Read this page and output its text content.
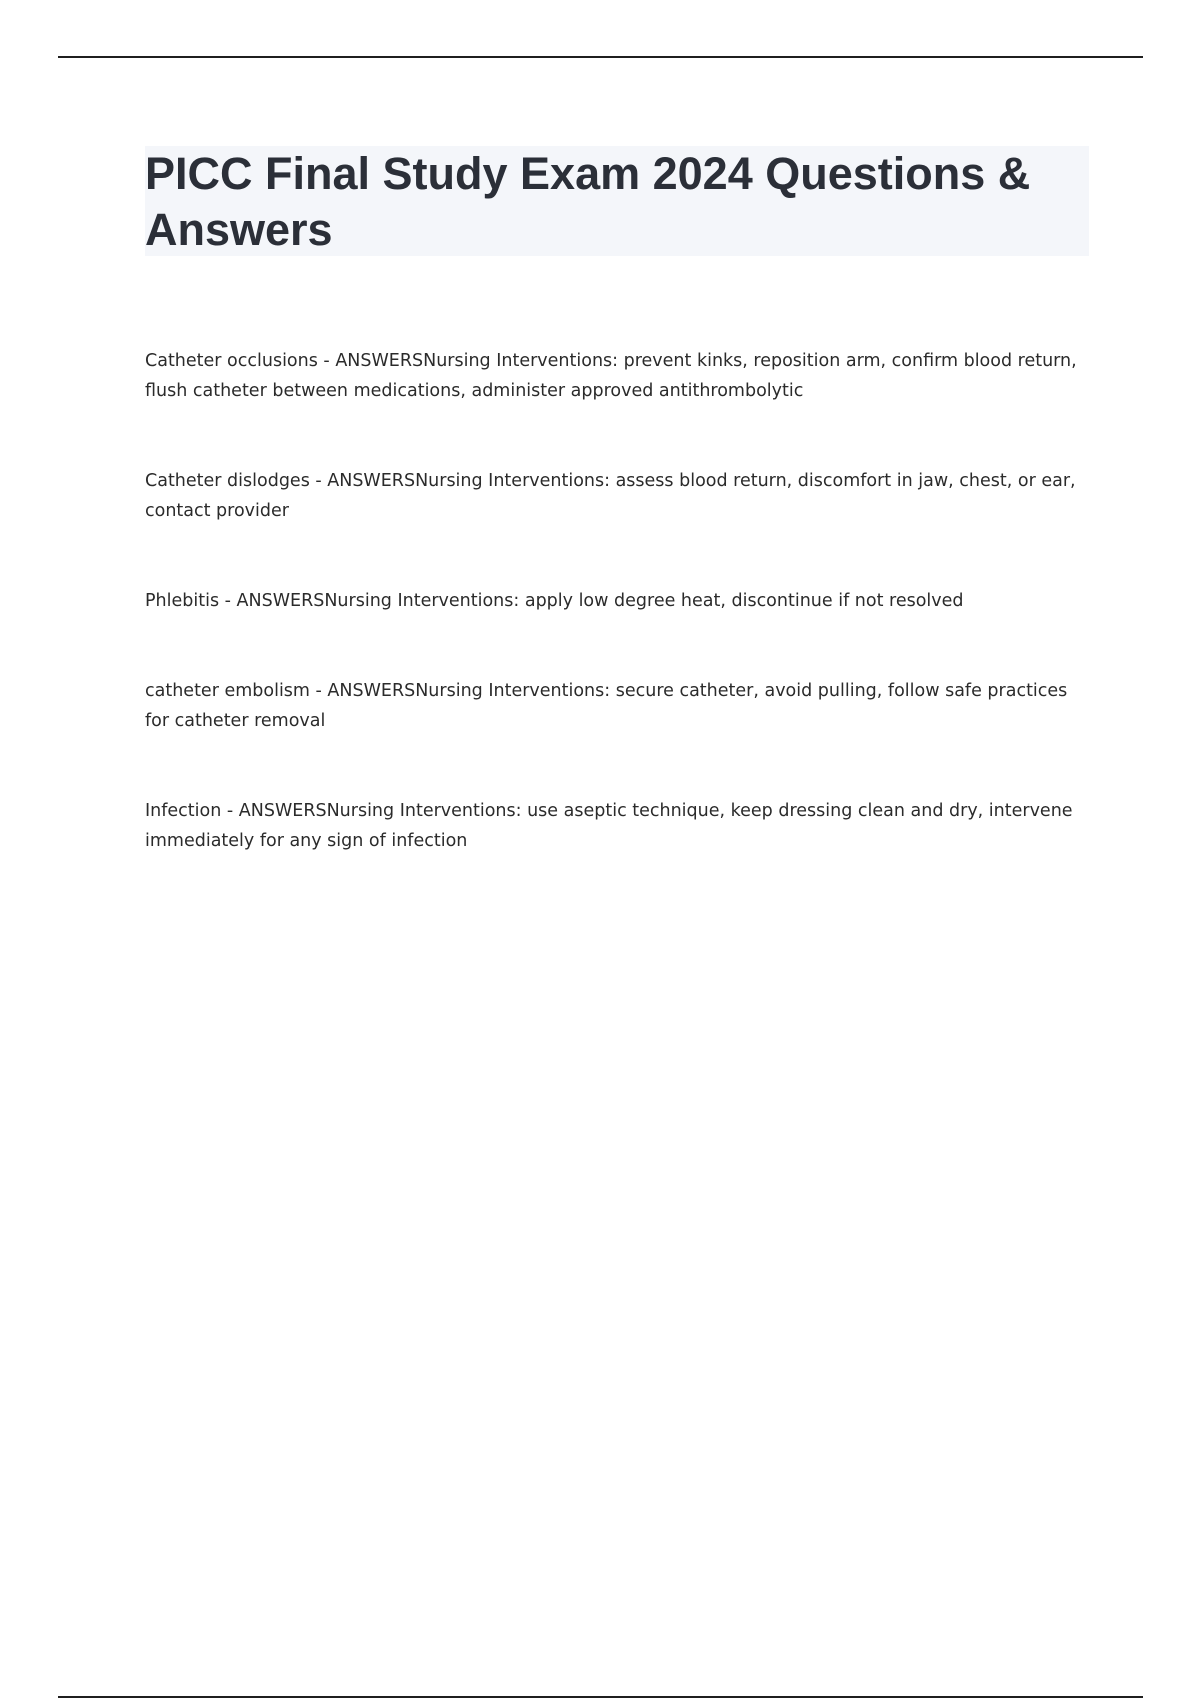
PICC Final Study Exam 2024 Questions & Answers

Catheter occlusions - ANSWERSNursing Interventions: prevent kinks, reposition arm, confirm blood return, flush catheter between medications, administer approved antithrombolytic

Catheter dislodges - ANSWERSNursing Interventions: assess blood return, discomfort in jaw, chest, or ear, contact provider

Phlebitis - ANSWERSNursing Interventions: apply low degree heat, discontinue if not resolved

catheter embolism - ANSWERSNursing Interventions: secure catheter, avoid pulling, follow safe practices for catheter removal

Infection - ANSWERSNursing Interventions: use aseptic technique, keep dressing clean and dry, intervene immediately for any sign of infection
